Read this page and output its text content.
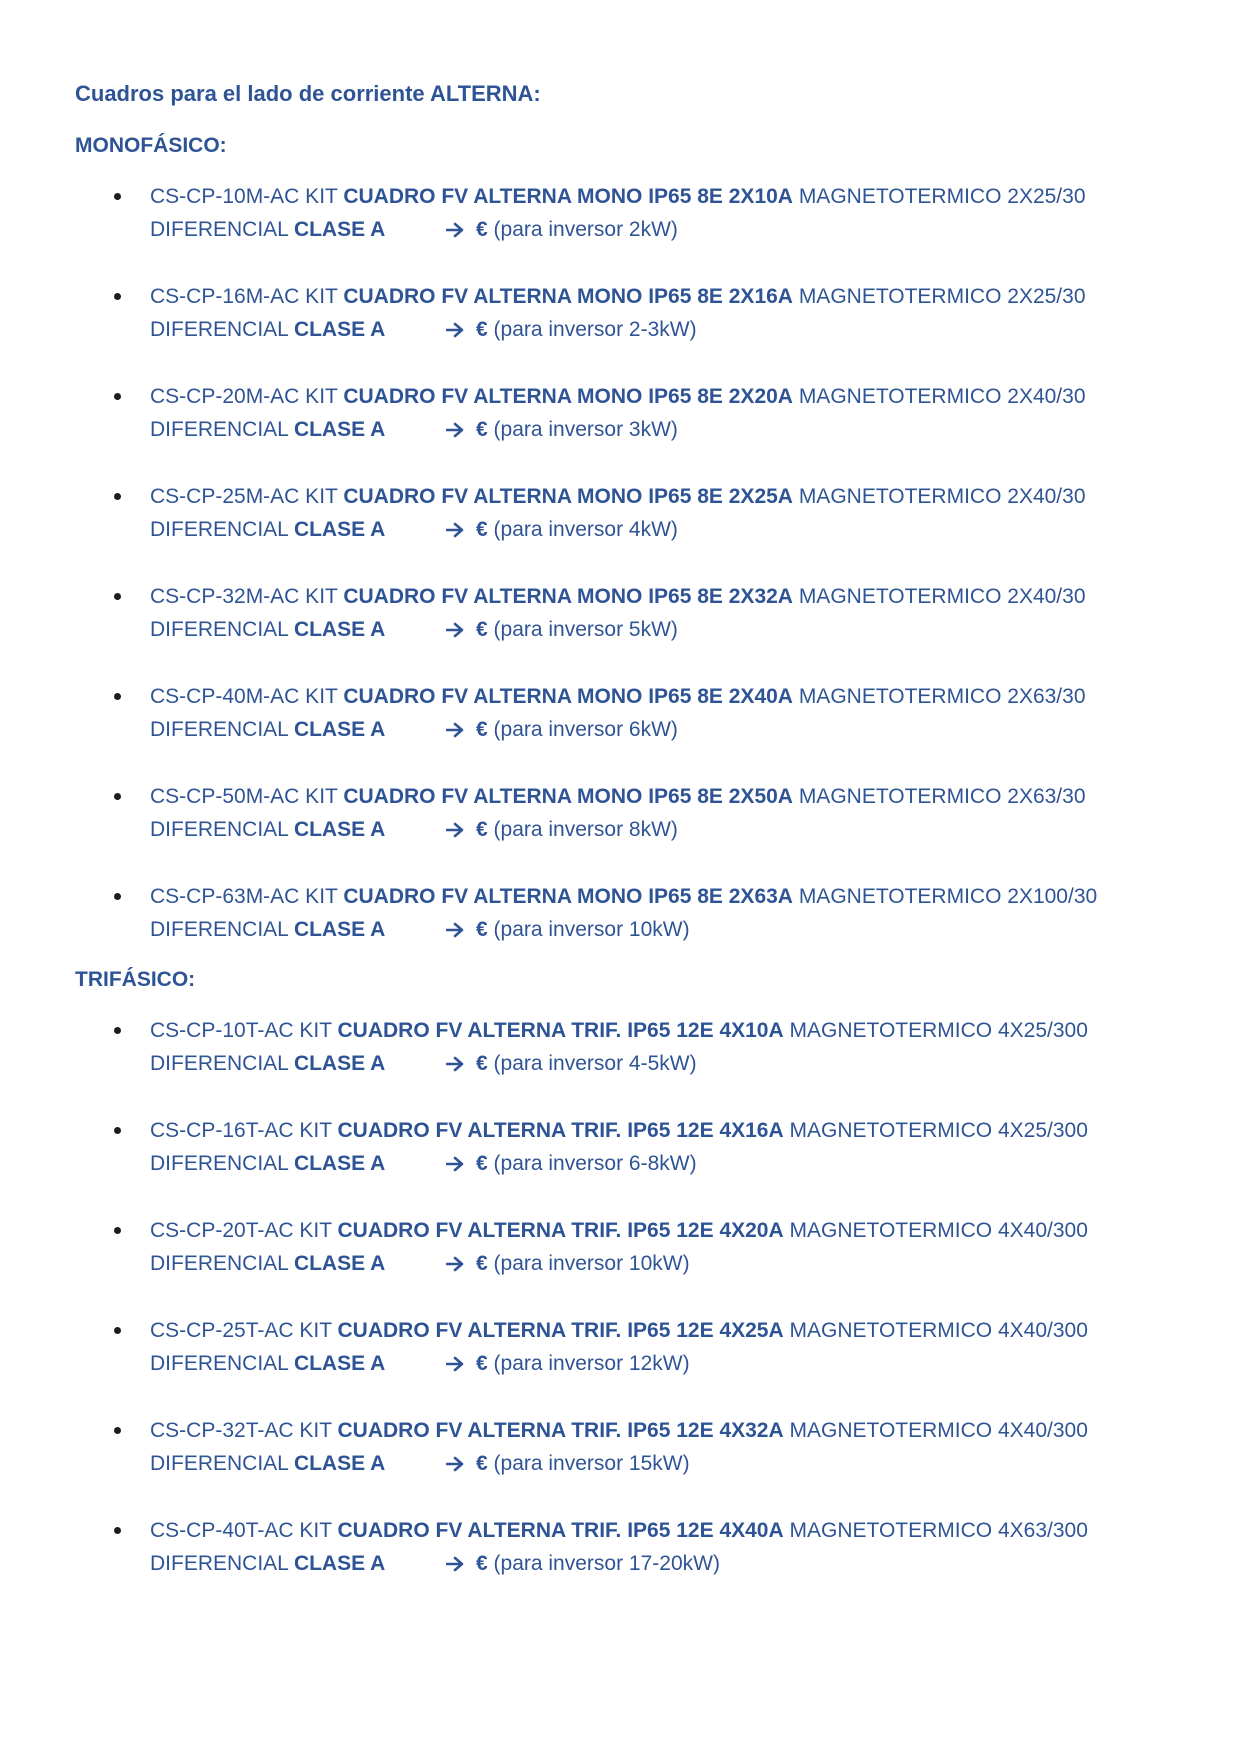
Cuadros para el lado de corriente ALTERNA:
MONOFÁSICO:
CS-CP-10M-AC KIT CUADRO FV ALTERNA MONO IP65 8E 2X10A MAGNETOTERMICO 2X25/30
DIFERENCIAL CLASE A	€ (para inversor 2kW)
CS-CP-16M-AC KIT CUADRO FV ALTERNA MONO IP65 8E 2X16A MAGNETOTERMICO 2X25/30
DIFERENCIAL CLASE A	€ (para inversor 2-3kW)
CS-CP-20M-AC KIT CUADRO FV ALTERNA MONO IP65 8E 2X20A MAGNETOTERMICO 2X40/30
DIFERENCIAL CLASE A	€ (para inversor 3kW)
CS-CP-25M-AC KIT CUADRO FV ALTERNA MONO IP65 8E 2X25A MAGNETOTERMICO 2X40/30
DIFERENCIAL CLASE A	€ (para inversor 4kW)
CS-CP-32M-AC KIT CUADRO FV ALTERNA MONO IP65 8E 2X32A MAGNETOTERMICO 2X40/30
DIFERENCIAL CLASE A	€ (para inversor 5kW)
CS-CP-40M-AC KIT CUADRO FV ALTERNA MONO IP65 8E 2X40A MAGNETOTERMICO 2X63/30
DIFERENCIAL CLASE A	€ (para inversor 6kW)
CS-CP-50M-AC KIT CUADRO FV ALTERNA MONO IP65 8E 2X50A MAGNETOTERMICO 2X63/30
DIFERENCIAL CLASE A	€ (para inversor 8kW)
CS-CP-63M-AC KIT CUADRO FV ALTERNA MONO IP65 8E 2X63A MAGNETOTERMICO 2X100/30
DIFERENCIAL CLASE A	€ (para inversor 10kW)
TRIFÁSICO:
CS-CP-10T-AC KIT CUADRO FV ALTERNA TRIF. IP65 12E 4X10A MAGNETOTERMICO 4X25/300
DIFERENCIAL CLASE A	€ (para inversor 4-5kW)
CS-CP-16T-AC KIT CUADRO FV ALTERNA TRIF. IP65 12E 4X16A MAGNETOTERMICO 4X25/300
DIFERENCIAL CLASE A	€ (para inversor 6-8kW)
CS-CP-20T-AC KIT CUADRO FV ALTERNA TRIF. IP65 12E 4X20A MAGNETOTERMICO 4X40/300
DIFERENCIAL CLASE A	€ (para inversor 10kW)
CS-CP-25T-AC KIT CUADRO FV ALTERNA TRIF. IP65 12E 4X25A MAGNETOTERMICO 4X40/300
DIFERENCIAL CLASE A	€ (para inversor 12kW)
CS-CP-32T-AC KIT CUADRO FV ALTERNA TRIF. IP65 12E 4X32A MAGNETOTERMICO 4X40/300
DIFERENCIAL CLASE A	€ (para inversor 15kW)
CS-CP-40T-AC KIT CUADRO FV ALTERNA TRIF. IP65 12E 4X40A MAGNETOTERMICO 4X63/300
DIFERENCIAL CLASE A	€ (para inversor 17-20kW)
